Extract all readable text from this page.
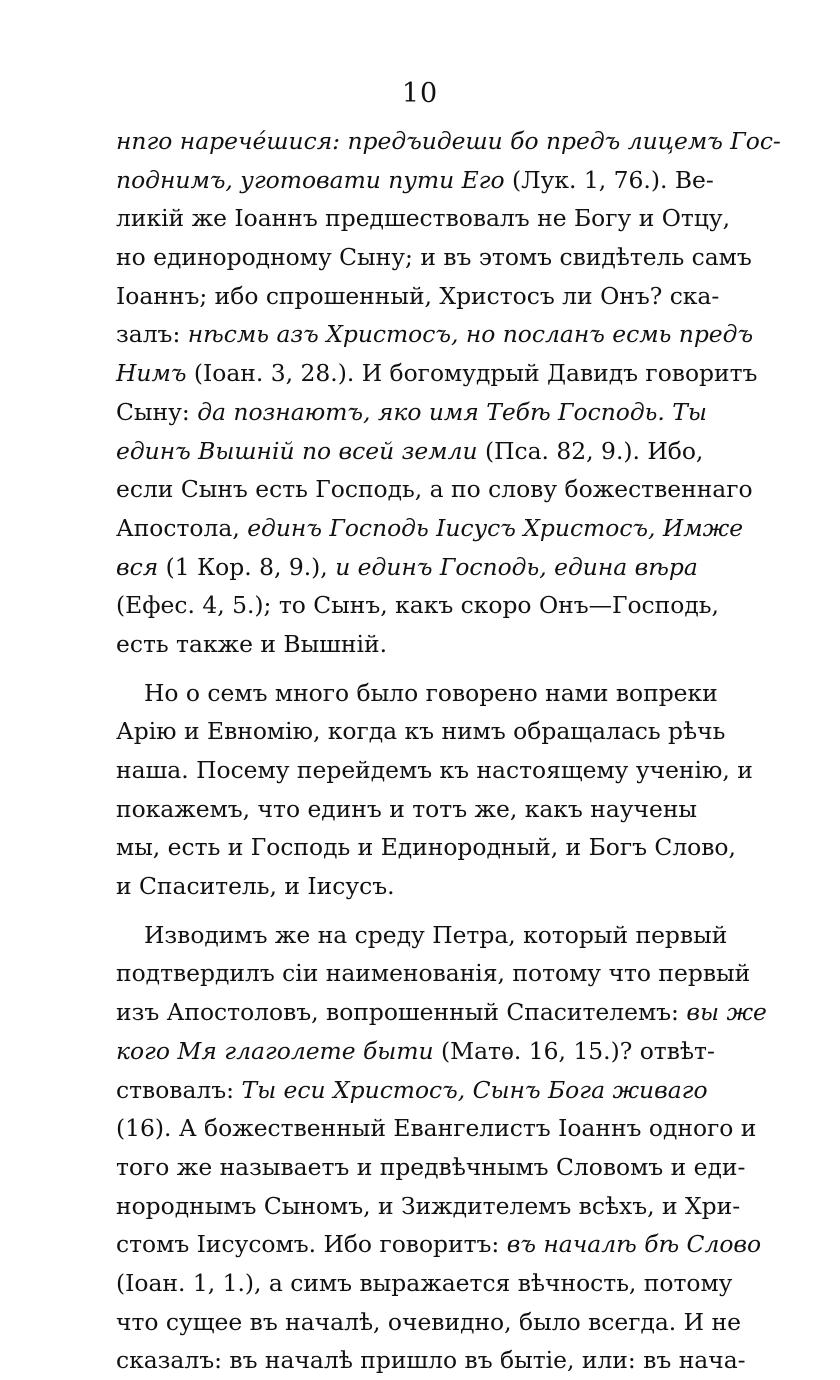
10
нпго нарече́шися: предъидеши бо предъ лицемъ Гос-
поднимъ, уготовати пути Его (Лук. 1, 76.). Ве-
ликій же Іоаннъ предшествовалъ не Богу и Отцу,
но единородному Сыну; и въ этомъ свидѣтель самъ
Іоаннъ; ибо спрошенный, Христосъ ли Онъ? ска-
залъ: нѣсмь азъ Христосъ, но посланъ есмь предъ
Нимъ (Іоан. 3, 28.). И богомудрый Давидъ говоритъ
Сыну: да познаютъ, яко имя Тебѣ Господь. Ты
единъ Вышній по всей земли (Пса. 82, 9.). Ибо,
если Сынъ есть Господь, а по слову божественнаго
Апостола, единъ Господь Іисусъ Христосъ, Имже
вся (1 Кор. 8, 9.), и единъ Господь, едина вѣра
(Ефес. 4, 5.); то Сынъ, какъ скоро Онъ—Господь,
есть также и Вышній.
Но о семъ много было говорено нами вопреки
Арію и Евномію, когда къ нимъ обращалась рѣчь
наша. Посему перейдемъ къ настоящему ученію, и
покажемъ, что единъ и тотъ же, какъ научены
мы, есть и Господь и Единородный, и Богъ Слово,
и Спаситель, и Іисусъ.
Изводимъ же на среду Петра, который первый
подтвердилъ сіи наименованія, потому что первый
изъ Апостоловъ, вопрошенный Спасителемъ: вы же
кого Мя глаголете быти (Матѳ. 16, 15.)? отвѣт-
ствовалъ: Ты еси Христосъ, Сынъ Бога живаго
(16). А божественный Евангелистъ Іоаннъ одного и
того же называетъ и предвѣчнымъ Словомъ и еди-
нороднымъ Сыномъ, и Зиждителемъ всѣхъ, и Хри-
стомъ Іисусомъ. Ибо говоритъ: въ началѣ бѣ Слово
(Іоан. 1, 1.), а симъ выражается вѣчность, потому
что сущее въ началѣ, очевидно, было всегда. И не
сказалъ: въ началѣ пришло въ бытіе, или: въ нача-
